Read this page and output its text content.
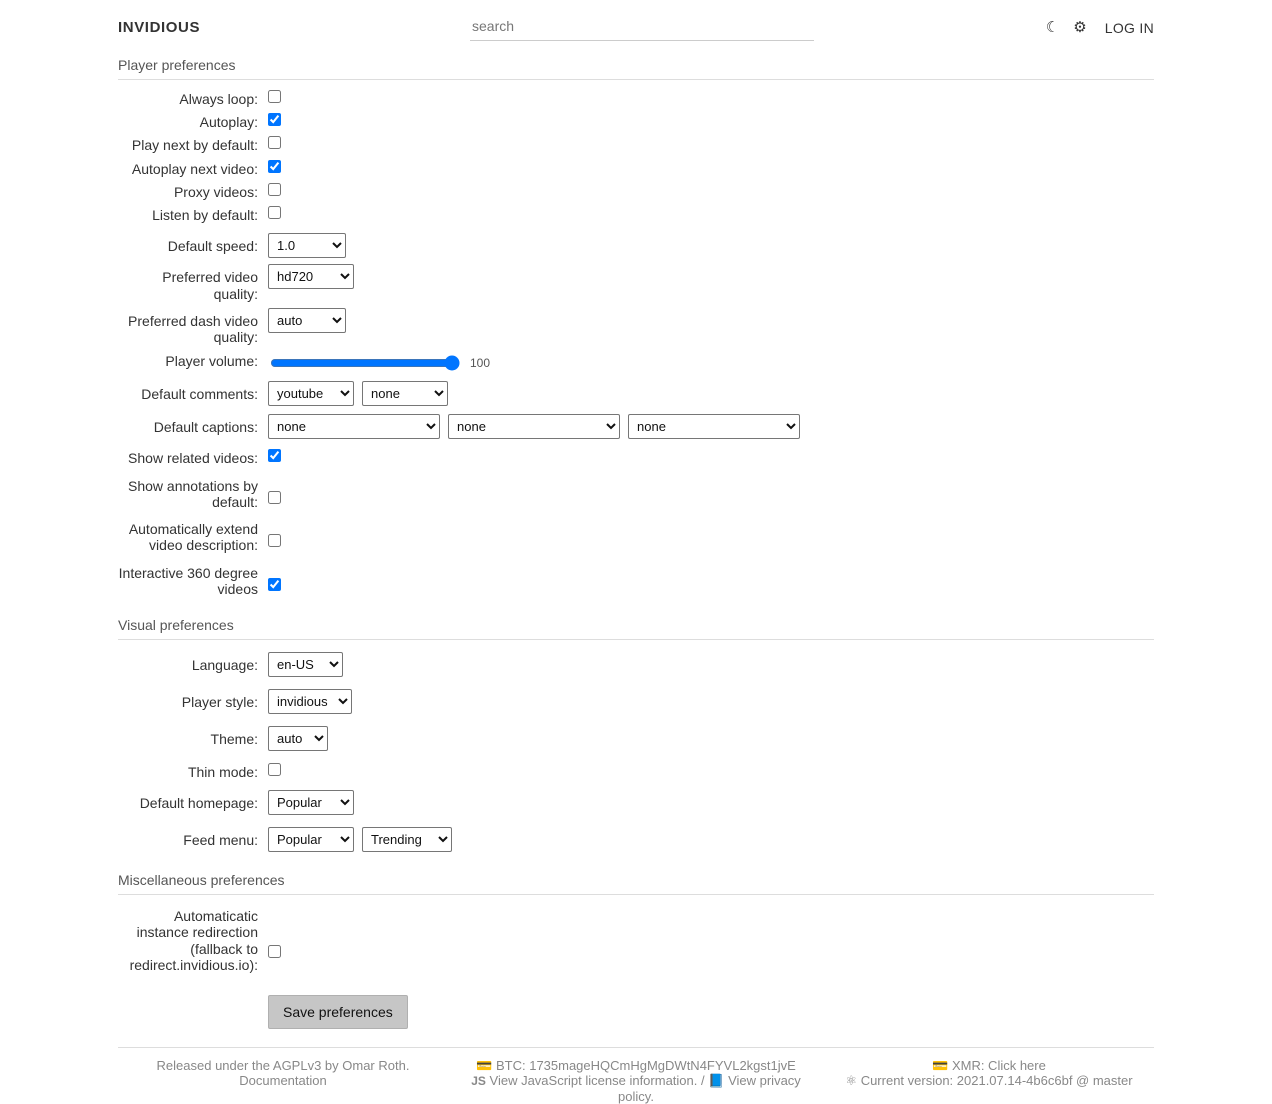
INVIDIOUS
search	☾ ⚙ LOG IN
Player preferences
Always loop:
Autoplay:
Play next by default:
Autoplay next video:
Proxy videos:
Listen by default:
Default speed:
1.0
Preferred video quality:
hd720
Preferred dash video quality:
auto
Player volume:	100
Default comments:
youtube
none
Default captions:
none
none
none
Show related videos:
Show annotations by default:
Automatically extend video description:
Interactive 360 degree videos
Visual preferences
Language:
en-US
Player style:
invidious
Theme:
auto
Thin mode:
Default homepage:
Popular
Feed menu:
Popular
Trending
Miscellaneous preferences
Automaticatic instance redirection (fallback to redirect.invidious.io):
Save preferences
Released under the AGPLv3 by Omar Roth. Documentation
💳 BTC: 1735mageHQCmHgMgDWtN4FYVL2kgst1jvE
JS View JavaScript license information. / 📘 View privacy policy.
💳 XMR: Click here
⚛ Current version: 2021.07.14-4b6c6bf @ master
